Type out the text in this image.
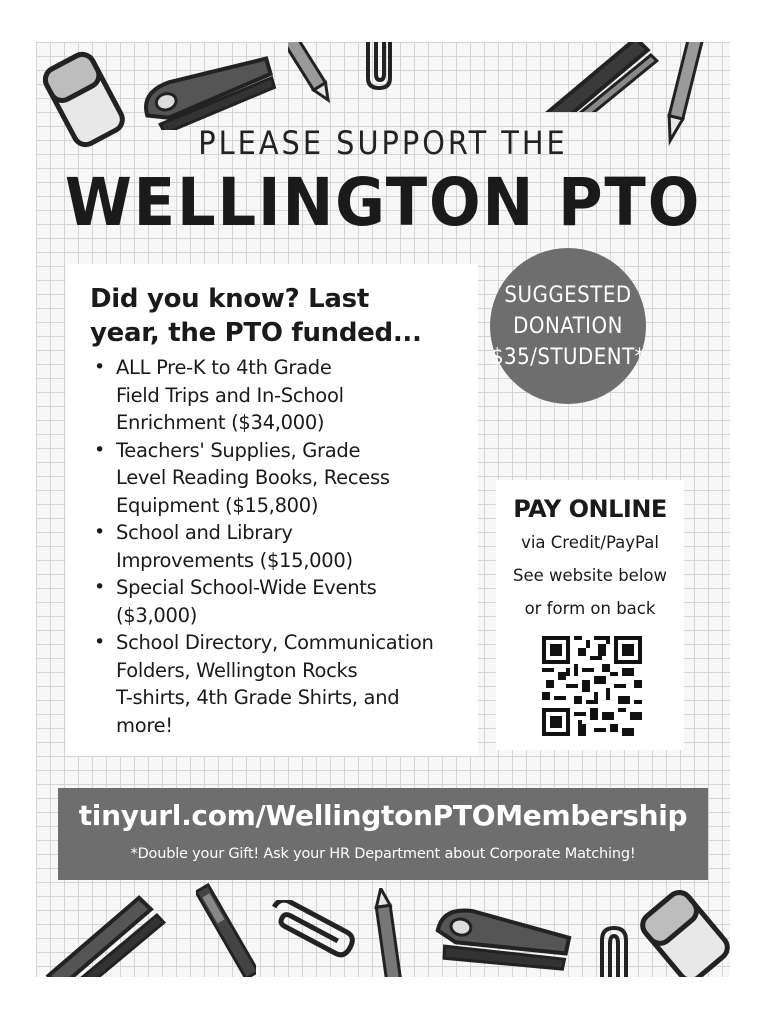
PLEASE SUPPORT THE
WELLINGTON PTO
Did you know? Last
year, the PTO funded...
• ALL Pre-K to 4th Grade
Field Trips and In-School
Enrichment ($34,000)
• Teachers' Supplies, Grade
Level Reading Books, Recess
Equipment ($15,800)
• School and Library
Improvements ($15,000)
• Special School-Wide Events
($3,000)
• School Directory, Communication
Folders, Wellington Rocks
T-shirts, 4th Grade Shirts, and
more!
SUGGESTED
DONATION
$35/STUDENT*
PAY ONLINE
via Credit/PayPal
See website below
or form on back
tinyurl.com/WellingtonPTOMembership
*Double your Gift! Ask your HR Department about Corporate Matching!
